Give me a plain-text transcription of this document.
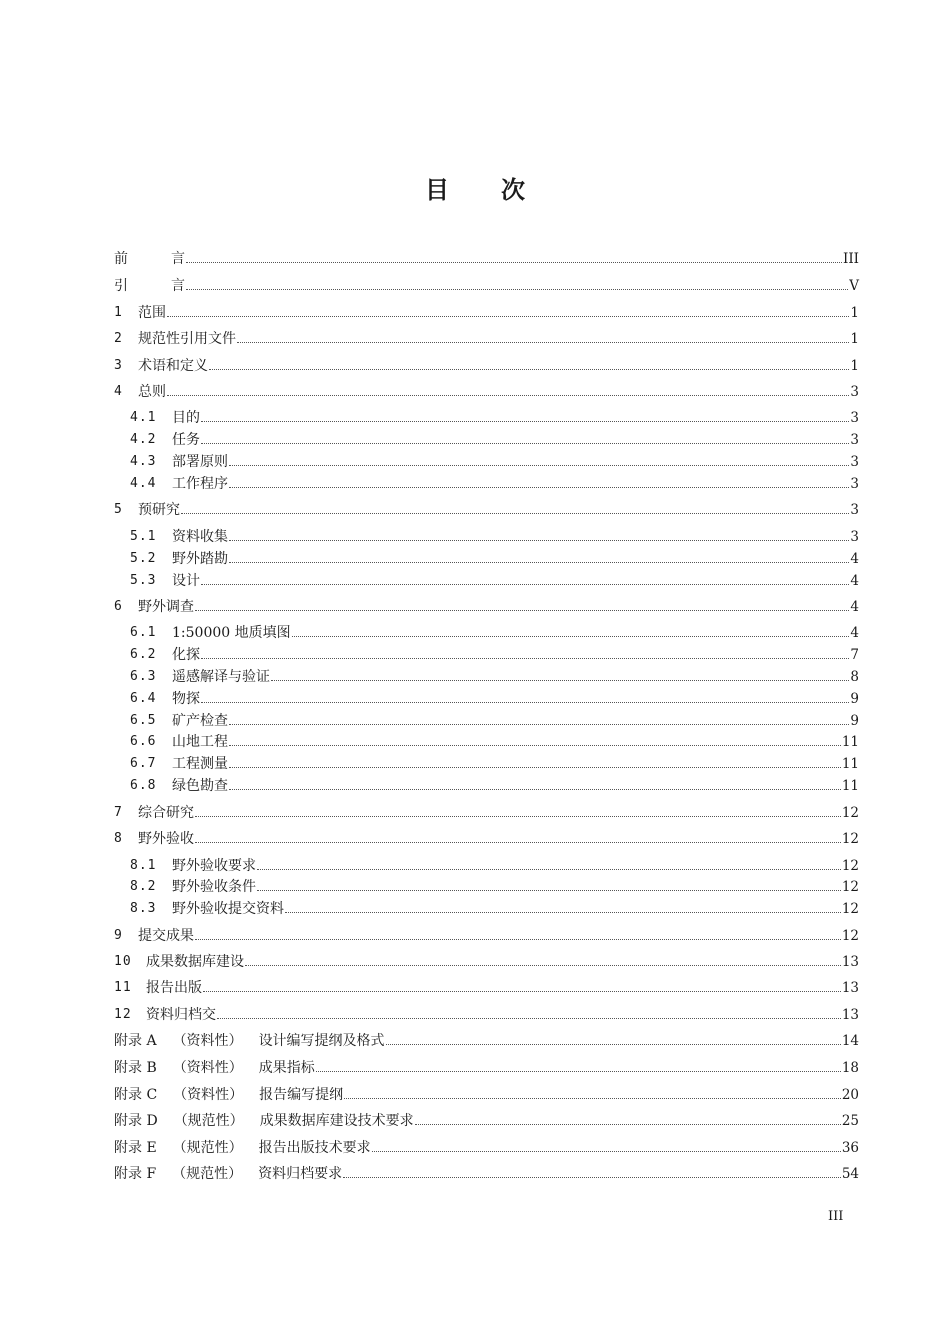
目 次
前	言	III
引	言	V
1	范围	1
2	规范性引用文件	1
3	术语和定义	1
4	总则	3
4.1	目的	3
4.2	任务	3
4.3	部署原则	3
4.4	工作程序	3
5	预研究	3
5.1	资料收集	3
5.2	野外踏勘	4
5.3	设计	4
6	野外调查	4
6.1	1:50000 地质填图	4
6.2	化探	7
6.3	遥感解译与验证	8
6.4	物探	9
6.5	矿产检查	9
6.6	山地工程	11
6.7	工程测量	11
6.8	绿色勘查	11
7	综合研究	12
8	野外验收	12
8.1	野外验收要求	12
8.2	野外验收条件	12
8.3	野外验收提交资料	12
9	提交成果	12
10	成果数据库建设	13
11	报告出版	13
12	资料归档交	13
附录 A （资料性） 设计编写提纲及格式	14
附录 B （资料性） 成果指标	18
附录 C （资料性） 报告编写提纲	20
附录 D （规范性） 成果数据库建设技术要求	25
附录 E （规范性） 报告出版技术要求	36
附录 F （规范性） 资料归档要求	54
III
